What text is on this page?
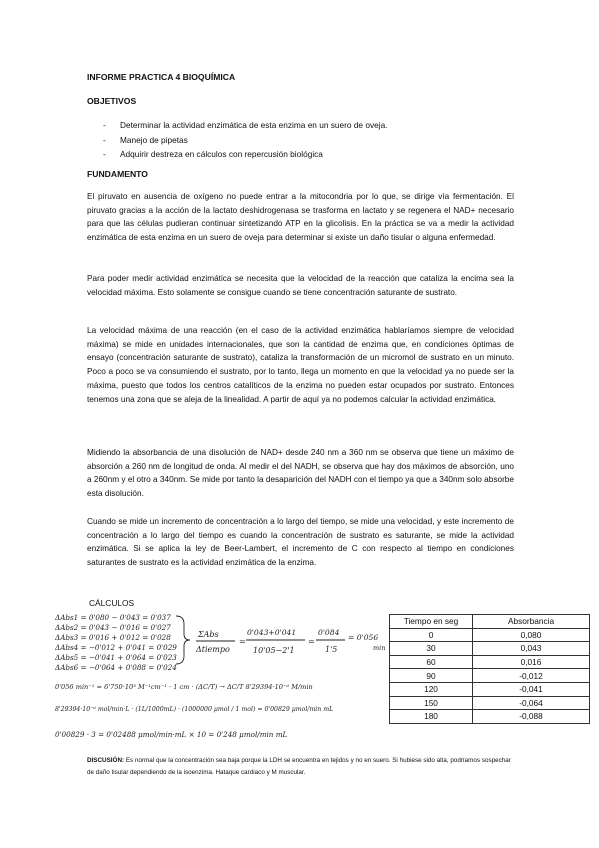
INFORME PRACTICA 4 BIOQUÍMICA
OBJETIVOS
- Determinar la actividad enzimática de esta enzima en un suero de oveja.
- Manejo de pipetas
- Adquirir destreza en cálculos con repercusión biológica
FUNDAMENTO

El piruvato en ausencia de oxígeno no puede entrar a la mitocondria por lo que, se dirige vía fermentación. El piruvato gracias a la acción de la lactato deshidrogenasa se trasforma en lactato y se regenera el NAD+ necesario para que las células pudieran continuar sintetizando ATP en la glicolisis. En la práctica se va a medir la actividad enzimática de esta enzima en un suero de oveja para determinar si existe un daño tisular o alguna enfermedad.

Para poder medir actividad enzimática se necesita que la velocidad de la reacción que cataliza la encima sea la velocidad máxima. Esto solamente se consigue cuando se tiene concentración saturante de sustrato.

La velocidad máxima de una reacción (en el caso de la actividad enzimática hablaríamos siempre de velocidad máxima) se mide en unidades internacionales, que son la cantidad de enzima que, en condiciones óptimas de ensayo (concentración saturante de sustrato), cataliza la transformación de un micromol de sustrato en un minuto. Poco a poco se va consumiendo el sustrato, por lo tanto, llega un momento en que la velocidad ya no puede ser la máxima, puesto que todos los centros catalíticos de la enzima no pueden estar ocupados por sustrato. Entonces tenemos una zona que se aleja de la linealidad. A partir de aquí ya no podemos calcular la actividad enzimática.

Midiendo la absorbancia de una disolución de NAD+ desde 240 nm a 360 nm se observa que tiene un máximo de absorción a 260 nm de longitud de onda. Al medir el del NADH, se observa que hay dos máximos de absorción, uno a 260nm y el otro a 340nm. Se mide por tanto la desaparición del NADH con el tiempo ya que a 340nm solo absorbe esta disolución.

Cuando se mide un incremento de concentración a lo largo del tiempo, se mide una velocidad, y este incremento de concentración a lo largo del tiempo es cuando la concentración de sustrato es saturante, se mide la actividad enzimática. Si se aplica la ley de Beer-Lambert, el incremento de C con respecto al tiempo en condiciones saturantes de sustrato es la actividad enzimática de la enzima.

CÁLCULOS
ΔAbs1 = 0'080 − 0'043 = 0'037
ΔAbs2 = 0'043 − 0'016 = 0'027
ΔAbs3 = 0'016 + 0'012 = 0'028
ΔAbs4 = −0'012 + 0'041 = 0'029
ΔAbs5 = −0'041 + 0'064 = 0'023
ΔAbs6 = −0'064 + 0'088 = 0'024
ΣAbs
Δtiempo
=
0'043+0'041
10'05−2'1
=
0'084
1'5
= 0'056
min
0'056 min⁻¹ = 6'750·10³ M⁻¹cm⁻¹ · 1 cm · (ΔC/T) → ΔC/T 8'29394·10⁻⁶ M/min
8'29394·10⁻⁶ mol/min·L · (1L/1000mL) · (1000000 μmol / 1 mol) = 0'00829 μmol/min mL
0'00829 · 3 = 0'02488 μmol/min·mL × 10 = 0'248 μmol/min mL
Tiempo en seg	Absorbancia
0	0,080
30	0,043
60	0,016
90	-0,012
120	-0,041
150	-0,064
180	-0,088

DISCUSIÓN: Es normal que la concentración sea baja porque la LDH se encuentra en tejidos y no en suero. Si hubiese sido alta, podríamos sospechar de daño tisular dependiendo de la isoenzima. Hataque cardiaco y M muscular.
